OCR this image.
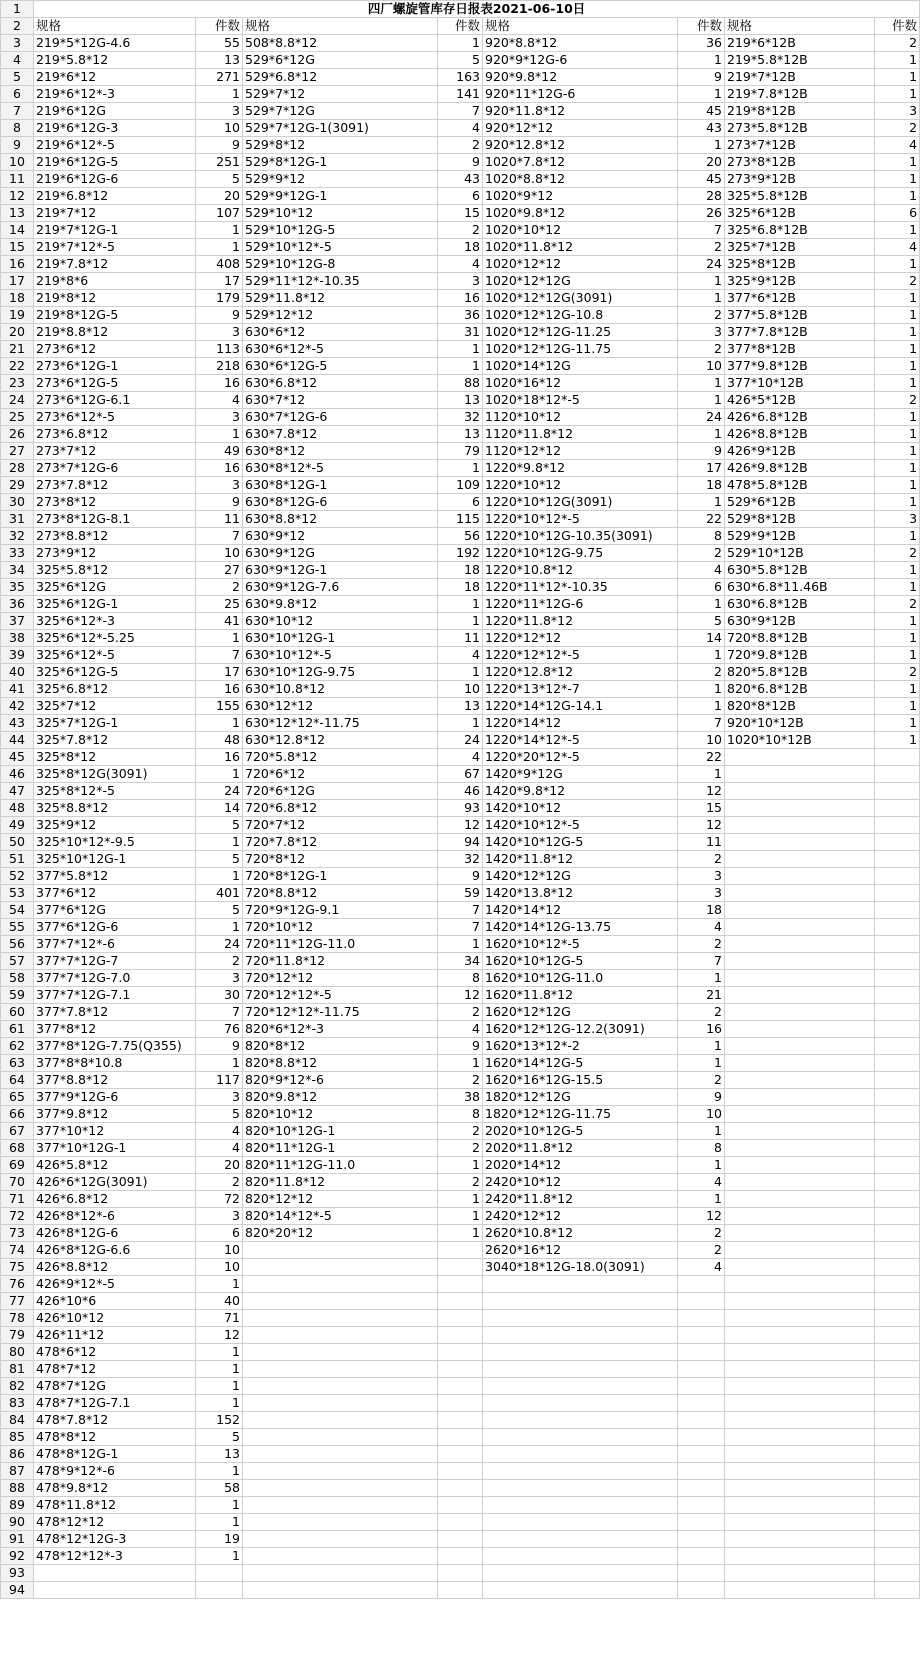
1	四厂螺旋管库存日报表2021-06-10日							
2	规格	件数	规格	件数	规格	件数	规格	件数
3	219*5*12G-4.6	55	508*8.8*12	1	920*8.8*12	36	219*6*12B	2
4	219*5.8*12	13	529*6*12G	5	920*9*12G-6	1	219*5.8*12B	1
5	219*6*12	271	529*6.8*12	163	920*9.8*12	9	219*7*12B	1
6	219*6*12*-3	1	529*7*12	141	920*11*12G-6	1	219*7.8*12B	1
7	219*6*12G	3	529*7*12G	7	920*11.8*12	45	219*8*12B	3
8	219*6*12G-3	10	529*7*12G-1(3091)	4	920*12*12	43	273*5.8*12B	2
9	219*6*12*-5	9	529*8*12	2	920*12.8*12	1	273*7*12B	4
10	219*6*12G-5	251	529*8*12G-1	9	1020*7.8*12	20	273*8*12B	1
11	219*6*12G-6	5	529*9*12	43	1020*8.8*12	45	273*9*12B	1
12	219*6.8*12	20	529*9*12G-1	6	1020*9*12	28	325*5.8*12B	1
13	219*7*12	107	529*10*12	15	1020*9.8*12	26	325*6*12B	6
14	219*7*12G-1	1	529*10*12G-5	2	1020*10*12	7	325*6.8*12B	1
15	219*7*12*-5	1	529*10*12*-5	18	1020*11.8*12	2	325*7*12B	4
16	219*7.8*12	408	529*10*12G-8	4	1020*12*12	24	325*8*12B	1
17	219*8*6	17	529*11*12*-10.35	3	1020*12*12G	1	325*9*12B	2
18	219*8*12	179	529*11.8*12	16	1020*12*12G(3091)	1	377*6*12B	1
19	219*8*12G-5	9	529*12*12	36	1020*12*12G-10.8	2	377*5.8*12B	1
20	219*8.8*12	3	630*6*12	31	1020*12*12G-11.25	3	377*7.8*12B	1
21	273*6*12	113	630*6*12*-5	1	1020*12*12G-11.75	2	377*8*12B	1
22	273*6*12G-1	218	630*6*12G-5	1	1020*14*12G	10	377*9.8*12B	1
23	273*6*12G-5	16	630*6.8*12	88	1020*16*12	1	377*10*12B	1
24	273*6*12G-6.1	4	630*7*12	13	1020*18*12*-5	1	426*5*12B	2
25	273*6*12*-5	3	630*7*12G-6	32	1120*10*12	24	426*6.8*12B	1
26	273*6.8*12	1	630*7.8*12	13	1120*11.8*12	1	426*8.8*12B	1
27	273*7*12	49	630*8*12	79	1120*12*12	9	426*9*12B	1
28	273*7*12G-6	16	630*8*12*-5	1	1220*9.8*12	17	426*9.8*12B	1
29	273*7.8*12	3	630*8*12G-1	109	1220*10*12	18	478*5.8*12B	1
30	273*8*12	9	630*8*12G-6	6	1220*10*12G(3091)	1	529*6*12B	1
31	273*8*12G-8.1	11	630*8.8*12	115	1220*10*12*-5	22	529*8*12B	3
32	273*8.8*12	7	630*9*12	56	1220*10*12G-10.35(3091)	8	529*9*12B	1
33	273*9*12	10	630*9*12G	192	1220*10*12G-9.75	2	529*10*12B	2
34	325*5.8*12	27	630*9*12G-1	18	1220*10.8*12	4	630*5.8*12B	1
35	325*6*12G	2	630*9*12G-7.6	18	1220*11*12*-10.35	6	630*6.8*11.46B	1
36	325*6*12G-1	25	630*9.8*12	1	1220*11*12G-6	1	630*6.8*12B	2
37	325*6*12*-3	41	630*10*12	1	1220*11.8*12	5	630*9*12B	1
38	325*6*12*-5.25	1	630*10*12G-1	11	1220*12*12	14	720*8.8*12B	1
39	325*6*12*-5	7	630*10*12*-5	4	1220*12*12*-5	1	720*9.8*12B	1
40	325*6*12G-5	17	630*10*12G-9.75	1	1220*12.8*12	2	820*5.8*12B	2
41	325*6.8*12	16	630*10.8*12	10	1220*13*12*-7	1	820*6.8*12B	1
42	325*7*12	155	630*12*12	13	1220*14*12G-14.1	1	820*8*12B	1
43	325*7*12G-1	1	630*12*12*-11.75	1	1220*14*12	7	920*10*12B	1
44	325*7.8*12	48	630*12.8*12	24	1220*14*12*-5	10	1020*10*12B	1
45	325*8*12	16	720*5.8*12	4	1220*20*12*-5	22		
46	325*8*12G(3091)	1	720*6*12	67	1420*9*12G	1		
47	325*8*12*-5	24	720*6*12G	46	1420*9.8*12	12		
48	325*8.8*12	14	720*6.8*12	93	1420*10*12	15		
49	325*9*12	5	720*7*12	12	1420*10*12*-5	12		
50	325*10*12*-9.5	1	720*7.8*12	94	1420*10*12G-5	11		
51	325*10*12G-1	5	720*8*12	32	1420*11.8*12	2		
52	377*5.8*12	1	720*8*12G-1	9	1420*12*12G	3		
53	377*6*12	401	720*8.8*12	59	1420*13.8*12	3		
54	377*6*12G	5	720*9*12G-9.1	7	1420*14*12	18		
55	377*6*12G-6	1	720*10*12	7	1420*14*12G-13.75	4		
56	377*7*12*-6	24	720*11*12G-11.0	1	1620*10*12*-5	2		
57	377*7*12G-7	2	720*11.8*12	34	1620*10*12G-5	7		
58	377*7*12G-7.0	3	720*12*12	8	1620*10*12G-11.0	1		
59	377*7*12G-7.1	30	720*12*12*-5	12	1620*11.8*12	21		
60	377*7.8*12	7	720*12*12*-11.75	2	1620*12*12G	2		
61	377*8*12	76	820*6*12*-3	4	1620*12*12G-12.2(3091)	16		
62	377*8*12G-7.75(Q355)	9	820*8*12	9	1620*13*12*-2	1		
63	377*8*8*10.8	1	820*8.8*12	1	1620*14*12G-5	1		
64	377*8.8*12	117	820*9*12*-6	2	1620*16*12G-15.5	2		
65	377*9*12G-6	3	820*9.8*12	38	1820*12*12G	9		
66	377*9.8*12	5	820*10*12	8	1820*12*12G-11.75	10		
67	377*10*12	4	820*10*12G-1	2	2020*10*12G-5	1		
68	377*10*12G-1	4	820*11*12G-1	2	2020*11.8*12	8		
69	426*5.8*12	20	820*11*12G-11.0	1	2020*14*12	1		
70	426*6*12G(3091)	2	820*11.8*12	2	2420*10*12	4		
71	426*6.8*12	72	820*12*12	1	2420*11.8*12	1		
72	426*8*12*-6	3	820*14*12*-5	1	2420*12*12	12		
73	426*8*12G-6	6	820*20*12	1	2620*10.8*12	2		
74	426*8*12G-6.6	10			2620*16*12	2		
75	426*8.8*12	10			3040*18*12G-18.0(3091)	4		
76	426*9*12*-5	1						
77	426*10*6	40						
78	426*10*12	71						
79	426*11*12	12						
80	478*6*12	1						
81	478*7*12	1						
82	478*7*12G	1						
83	478*7*12G-7.1	1						
84	478*7.8*12	152						
85	478*8*12	5						
86	478*8*12G-1	13						
87	478*9*12*-6	1						
88	478*9.8*12	58						
89	478*11.8*12	1						
90	478*12*12	1						
91	478*12*12G-3	19						
92	478*12*12*-3	1						
93								
94								
